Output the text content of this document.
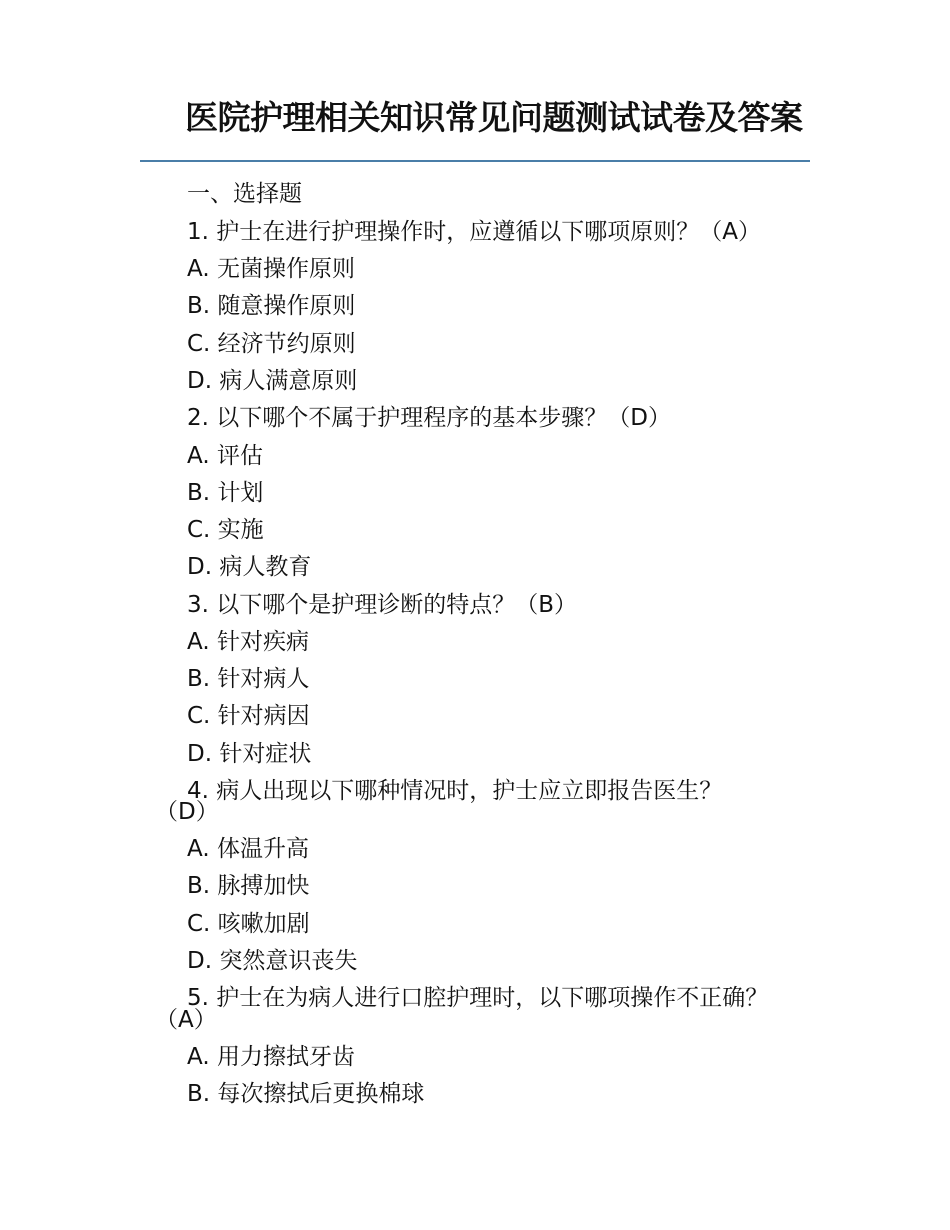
医院护理相关知识常见问题测试试卷及答案
一、选择题
1. 护士在进行护理操作时，应遵循以下哪项原则？（A）
A. 无菌操作原则
B. 随意操作原则
C. 经济节约原则
D. 病人满意原则
2. 以下哪个不属于护理程序的基本步骤？（D）
A. 评估
B. 计划
C. 实施
D. 病人教育
3. 以下哪个是护理诊断的特点？（B）
A. 针对疾病
B. 针对病人
C. 针对病因
D. 针对症状
4. 病人出现以下哪种情况时，护士应立即报告医生？
（D）
A. 体温升高
B. 脉搏加快
C. 咳嗽加剧
D. 突然意识丧失
5. 护士在为病人进行口腔护理时，以下哪项操作不正确？
（A）
A. 用力擦拭牙齿
B. 每次擦拭后更换棉球
